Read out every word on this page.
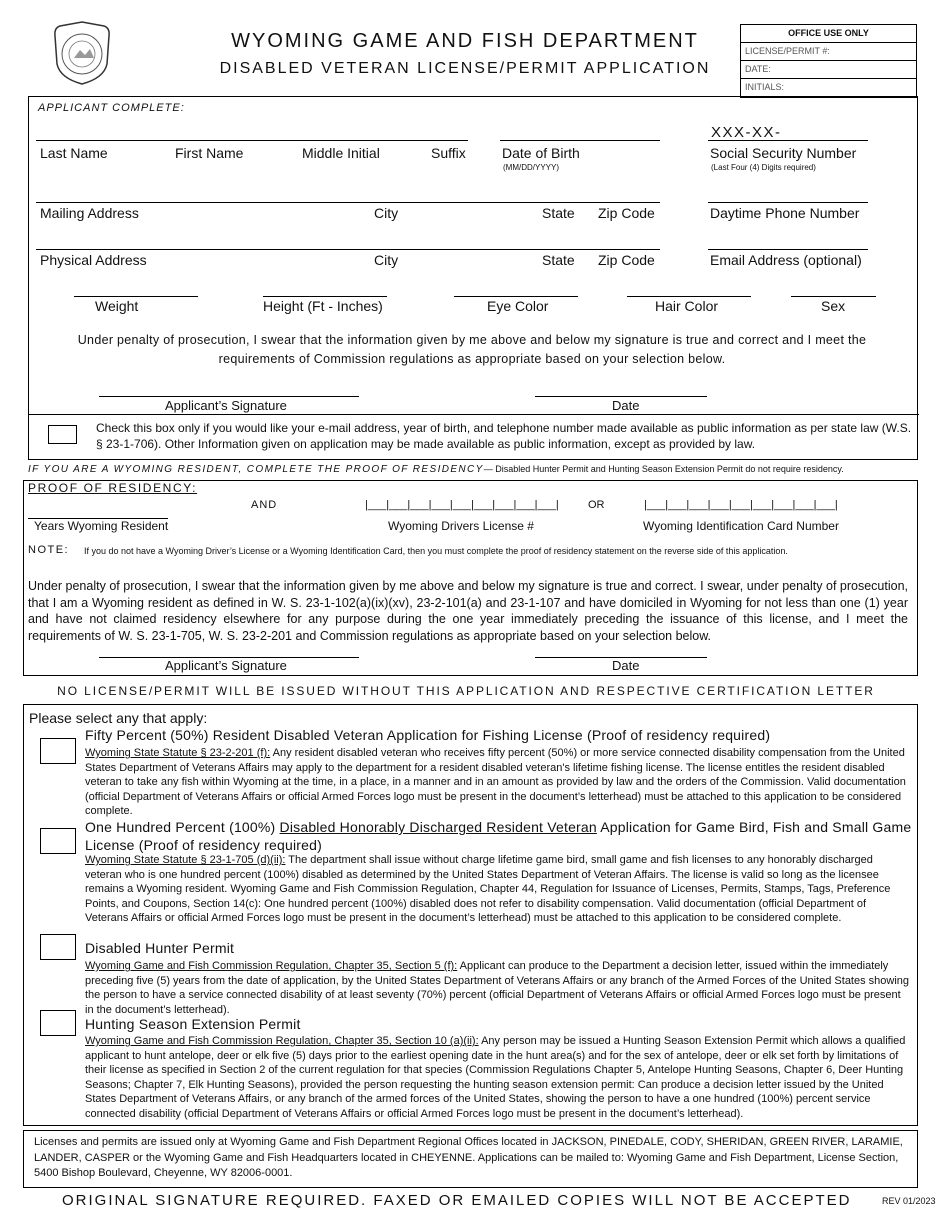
WYOMING GAME AND FISH DEPARTMENT
DISABLED VETERAN LICENSE/PERMIT APPLICATION
OFFICE USE ONLY
LICENSE/PERMIT #:
DATE:
INITIALS:
APPLICANT COMPLETE:
XXX-XX-
Last Name	First Name	Middle Initial	Suffix	Date of Birth
(MM/DD/YYYY)
Social Security Number
(Last Four (4) Digits required)
Mailing Address	City	State Zip Code	Daytime Phone Number
Physical Address	City	State Zip Code	Email Address (optional)
Weight	Height (Ft - Inches)	Eye Color	Hair Color	Sex
Under penalty of prosecution, I swear that the information given by me above and below my signature is true and correct and I meet the requirements of Commission regulations as appropriate based on your selection below.
Applicant’s Signature	Date
Check this box only if you would like your e-mail address, year of birth, and telephone number made available as public information as per state law (W.S. § 23-1-706). Other Information given on application may be made available as public information, except as provided by law.
IF YOU ARE A WYOMING RESIDENT, COMPLETE THE PROOF OF RESIDENCY— Disabled Hunter Permit and Hunting Season Extension Permit do not require residency.
PROOF OF RESIDENCY:
AND	|___|___|___|___|___|___|___|___|___|	OR	|___|___|___|___|___|___|___|___|___|
Years Wyoming Resident	Wyoming Drivers License #	Wyoming Identification Card Number
NOTE: If you do not have a Wyoming Driver’s License or a Wyoming Identification Card, then you must complete the proof of residency statement on the reverse side of this application.
Under penalty of prosecution, I swear that the information given by me above and below my signature is true and correct. I swear, under penalty of prosecution, that I am a Wyoming resident as defined in W. S. 23-1-102(a)(ix)(xv), 23-2-101(a) and 23-1-107 and have domiciled in Wyoming for not less than one (1) year and have not claimed residency elsewhere for any purpose during the one year immediately preceding the issuance of this license, and I meet the requirements of W. S. 23-1-705, W. S. 23-2-201 and Commission regulations as appropriate based on your selection below.
Applicant’s Signature	Date
NO LICENSE/PERMIT WILL BE ISSUED WITHOUT THIS APPLICATION AND RESPECTIVE CERTIFICATION LETTER
Please select any that apply:
Fifty Percent (50%) Resident Disabled Veteran Application for Fishing License (Proof of residency required)
Wyoming State Statute § 23-2-201 (f): Any resident disabled veteran who receives fifty percent (50%) or more service connected disability compensation from the United States Department of Veterans Affairs may apply to the department for a resident disabled veteran's lifetime fishing license. The license entitles the resident disabled veteran to take any fish within Wyoming at the time, in a place, in a manner and in an amount as provided by law and the orders of the Commission. Valid documentation (official Department of Veterans Affairs or official Armed Forces logo must be present in the document’s letterhead) must be attached to this application to be considered complete.
One Hundred Percent (100%) Disabled Honorably Discharged Resident Veteran Application for Game Bird, Fish and Small Game License (Proof of residency required)
Wyoming State Statute § 23-1-705 (d)(ii): The department shall issue without charge lifetime game bird, small game and fish licenses to any honorably discharged veteran who is one hundred percent (100%) disabled as determined by the United States Department of Veteran Affairs. The license is valid so long as the licensee remains a Wyoming resident. Wyoming Game and Fish Commission Regulation, Chapter 44, Regulation for Issuance of Licenses, Permits, Stamps, Tags, Preference Points, and Coupons, Section 14(c): One hundred percent (100%) disabled does not refer to disability compensation. Valid documentation (official Department of Veterans Affairs or official Armed Forces logo must be present in the document’s letterhead) must be attached to this application to be considered complete.
Disabled Hunter Permit
Wyoming Game and Fish Commission Regulation, Chapter 35, Section 5 (f): Applicant can produce to the Department a decision letter, issued within the immediately preceding five (5) years from the date of application, by the United States Department of Veterans Affairs or any branch of the Armed Forces of the United States showing the person to have a service connected disability of at least seventy (70%) percent (official Department of Veterans Affairs or official Armed Forces logo must be present in the document’s letterhead).
Hunting Season Extension Permit
Wyoming Game and Fish Commission Regulation, Chapter 35, Section 10 (a)(ii): Any person may be issued a Hunting Season Extension Permit which allows a qualified applicant to hunt antelope, deer or elk five (5) days prior to the earliest opening date in the hunt area(s) and for the sex of antelope, deer or elk set forth by limitations of their license as specified in Section 2 of the current regulation for that species (Commission Regulations Chapter 5, Antelope Hunting Seasons, Chapter 6, Deer Hunting Seasons; Chapter 7, Elk Hunting Seasons), provided the person requesting the hunting season extension permit: Can produce a decision letter issued by the United States Department of Veterans Affairs, or any branch of the armed forces of the United States, showing the person to have a one hundred (100%) percent service connected disability (official Department of Veterans Affairs or official Armed Forces logo must be present in the document’s letterhead).
Licenses and permits are issued only at Wyoming Game and Fish Department Regional Offices located in JACKSON, PINEDALE, CODY, SHERIDAN, GREEN RIVER, LARAMIE, LANDER, CASPER or the Wyoming Game and Fish Headquarters located in CHEYENNE. Applications can be mailed to: Wyoming Game and Fish Department, License Section, 5400 Bishop Boulevard, Cheyenne, WY 82006-0001.
ORIGINAL SIGNATURE REQUIRED. FAXED OR EMAILED COPIES WILL NOT BE ACCEPTED	REV 01/2023
